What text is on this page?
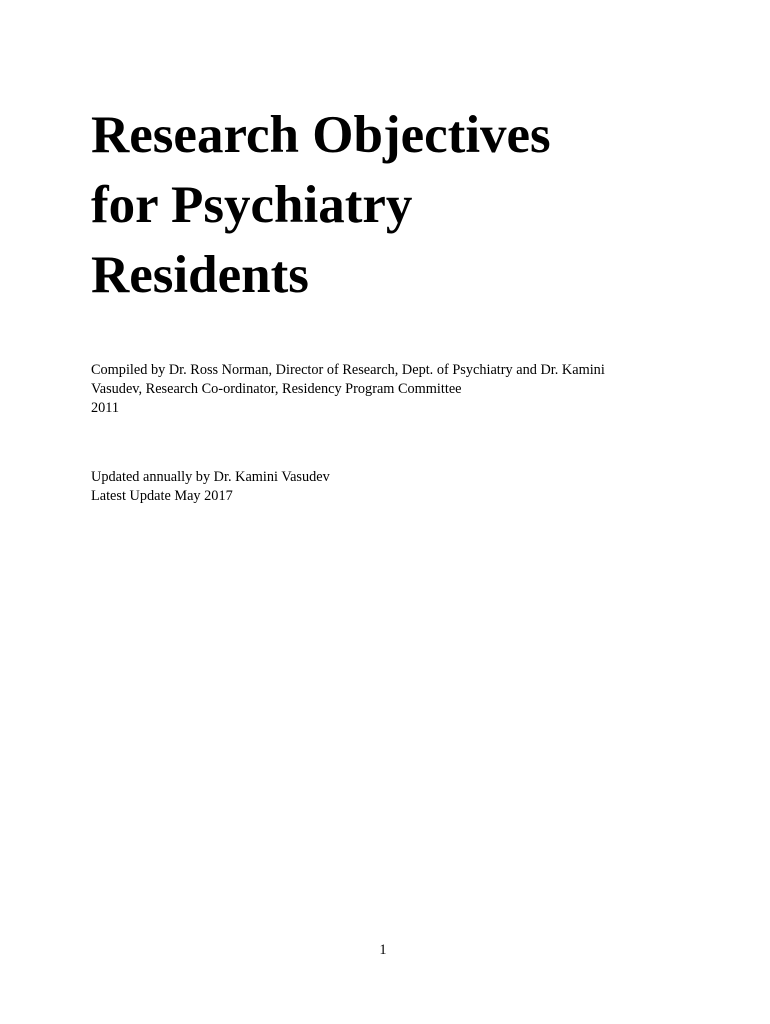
Research Objectives
for Psychiatry
Residents

Compiled by Dr. Ross Norman, Director of Research, Dept. of Psychiatry and Dr. Kamini
Vasudev, Research Co-ordinator, Residency Program Committee
2011

Updated annually by Dr. Kamini Vasudev
Latest Update May 2017

1
